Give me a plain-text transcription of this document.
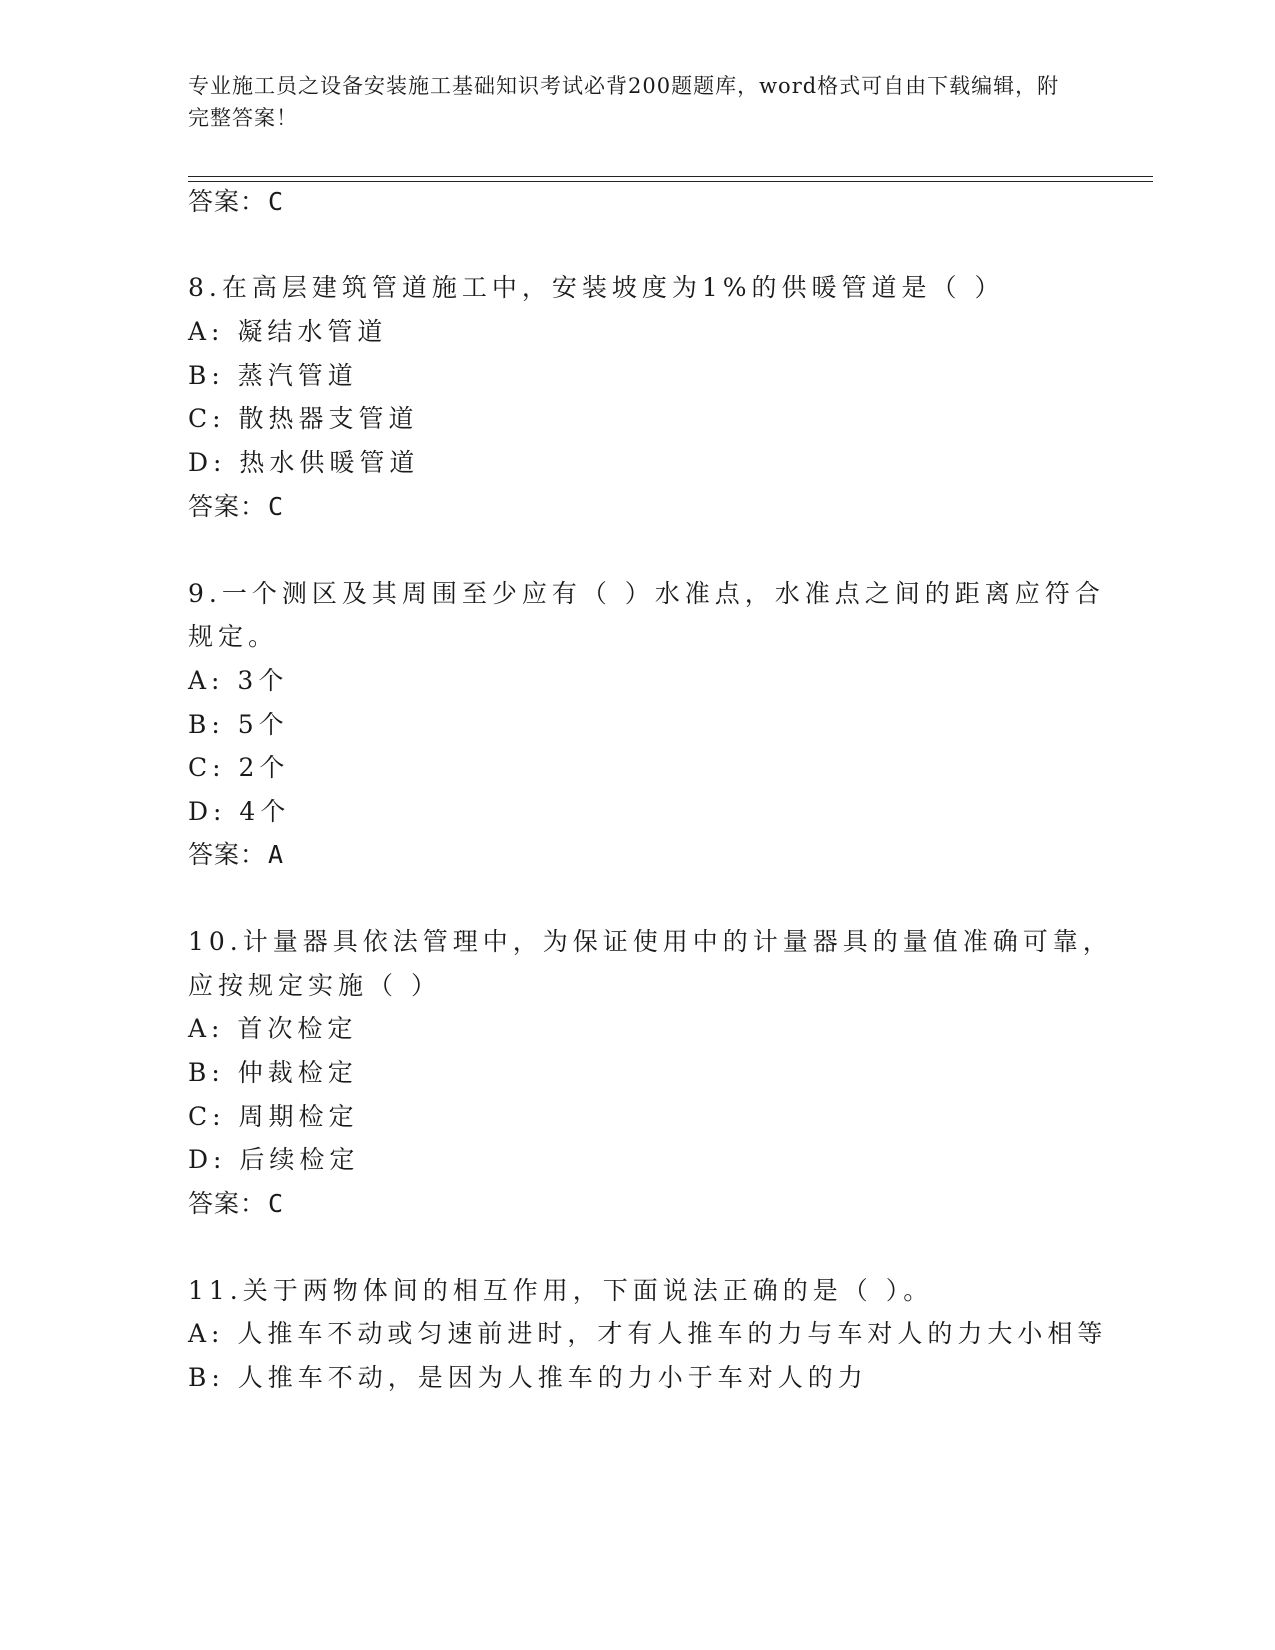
专业施工员之设备安装施工基础知识考试必背200题题库，word格式可自由下载编辑，附完整答案！
答案：C
8.在高层建筑管道施工中，安装坡度为1%的供暖管道是（ ）
A: 凝结水管道
B: 蒸汽管道
C: 散热器支管道
D: 热水供暖管道
答案：C
9.一个测区及其周围至少应有（ ）水准点，水准点之间的距离应符合
规定。
A: 3个
B: 5个
C: 2个
D: 4个
答案：A
10.计量器具依法管理中，为保证使用中的计量器具的量值准确可靠，
应按规定实施（ ）
A: 首次检定
B: 仲裁检定
C: 周期检定
D: 后续检定
答案：C
11.关于两物体间的相互作用，下面说法正确的是（ ）。
A: 人推车不动或匀速前进时，才有人推车的力与车对人的力大小相等
B: 人推车不动，是因为人推车的力小于车对人的力
